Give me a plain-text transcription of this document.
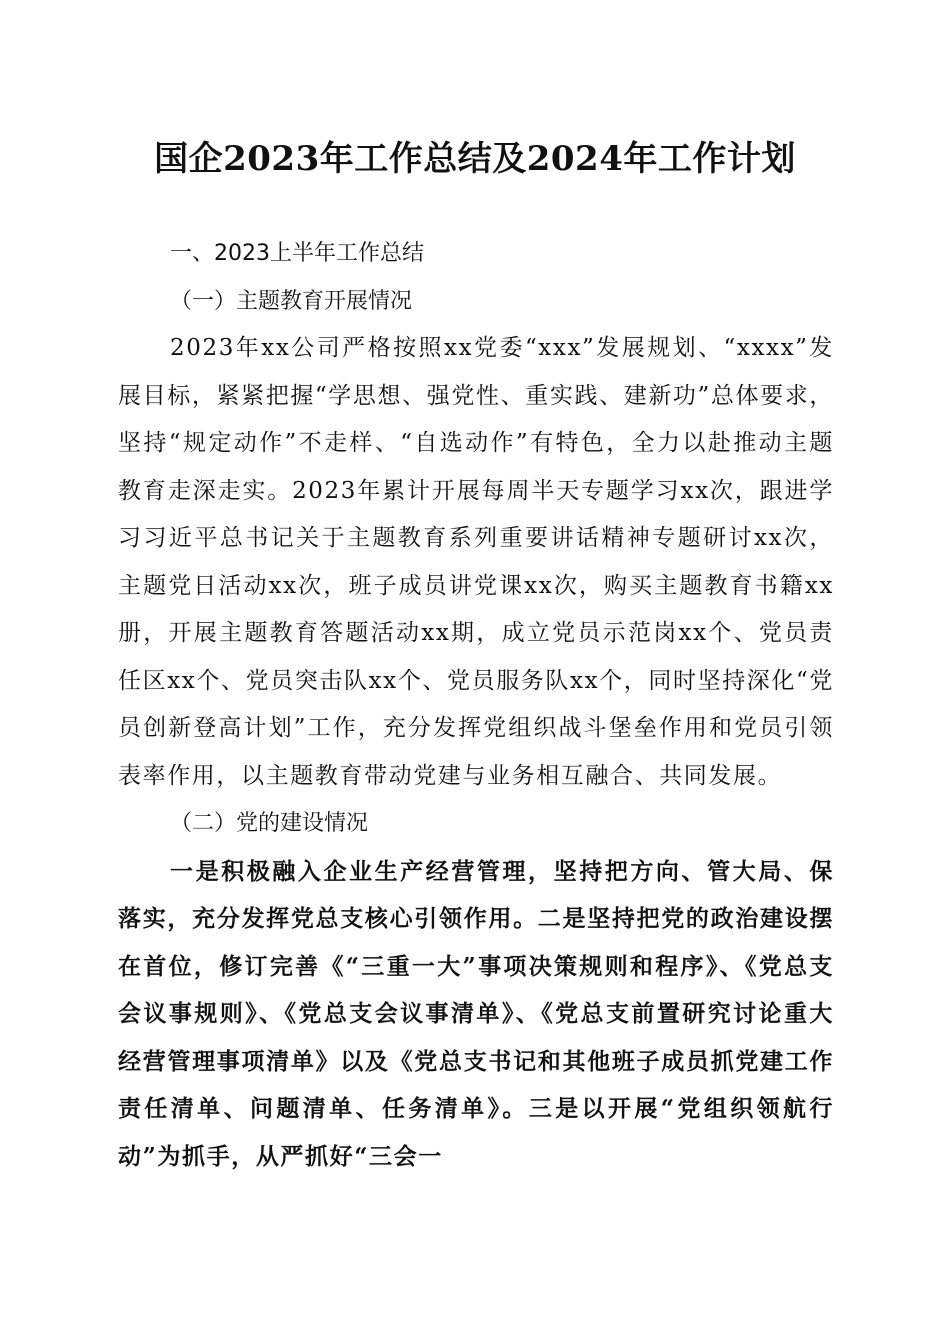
国企2023年工作总结及2024年工作计划

一、2023上半年工作总结

（一）主题教育开展情况

2023年xx公司严格按照xx党委“xxx”发展规划、“xxxx”发展目标，紧紧把握“学思想、强党性、重实践、建新功”总体要求，坚持“规定动作”不走样、“自选动作”有特色，全力以赴推动主题教育走深走实。2023年累计开展每周半天专题学习xx次，跟进学习习近平总书记关于主题教育系列重要讲话精神专题研讨xx次，主题党日活动xx次，班子成员讲党课xx次，购买主题教育书籍xx册，开展主题教育答题活动xx期，成立党员示范岗xx个、党员责任区xx个、党员突击队xx个、党员服务队xx个，同时坚持深化“党员创新登高计划”工作，充分发挥党组织战斗堡垒作用和党员引领表率作用，以主题教育带动党建与业务相互融合、共同发展。

（二）党的建设情况

一是积极融入企业生产经营管理，坚持把方向、管大局、保落实，充分发挥党总支核心引领作用。二是坚持把党的政治建设摆在首位，修订完善《“三重一大”事项决策规则和程序》、《党总支会议事规则》、《党总支会议事清单》、《党总支前置研究讨论重大经营管理事项清单》以及《党总支书记和其他班子成员抓党建工作责任清单、问题清单、任务清单》。三是以开展“党组织领航行动”为抓手，从严抓好“三会一
